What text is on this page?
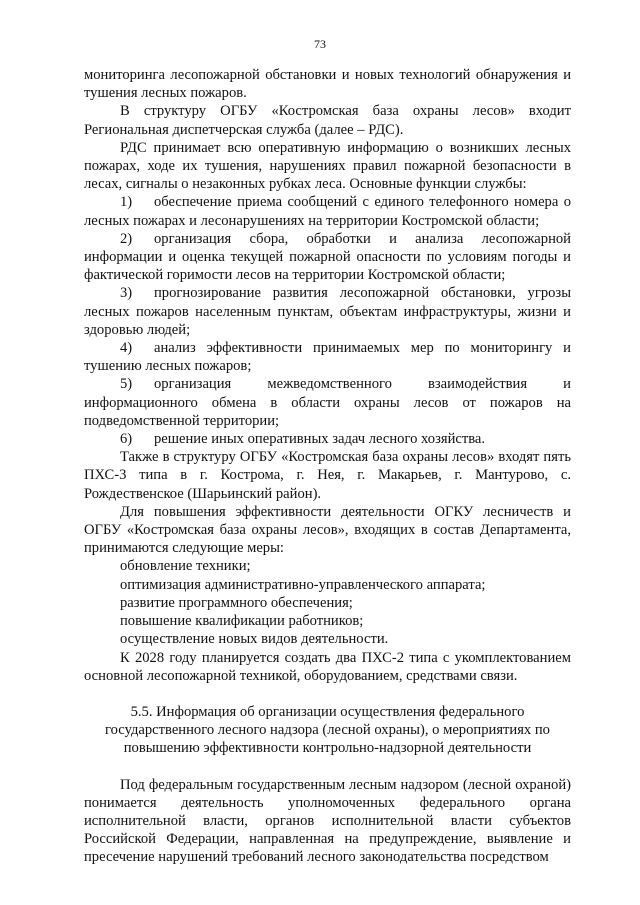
73

мониторинга лесопожарной обстановки и новых технологий обнаружения и тушения лесных пожаров.

В структуру ОГБУ «Костромская база охраны лесов» входит Региональная диспетчерская служба (далее – РДС).

РДС принимает всю оперативную информацию о возникших лесных пожарах, ходе их тушения, нарушениях правил пожарной безопасности в лесах, сигналы о незаконных рубках леса. Основные функции службы:

1) обеспечение приема сообщений с единого телефонного номера о лесных пожарах и лесонарушениях на территории Костромской области;

2) организация сбора, обработки и анализа лесопожарной информации и оценка текущей пожарной опасности по условиям погоды и фактической горимости лесов на территории Костромской области;

3) прогнозирование развития лесопожарной обстановки, угрозы лесных пожаров населенным пунктам, объектам инфраструктуры, жизни и здоровью людей;

4) анализ эффективности принимаемых мер по мониторингу и тушению лесных пожаров;

5) организация межведомственного взаимодействия и информационного обмена в области охраны лесов от пожаров на подведомственной территории;

6) решение иных оперативных задач лесного хозяйства.

Также в структуру ОГБУ «Костромская база охраны лесов» входят пять ПХС-3 типа в г. Кострома, г. Нея, г. Макарьев, г. Мантурово, с. Рождественское (Шарьинский район).

Для повышения эффективности деятельности ОГКУ лесничеств и ОГБУ «Костромская база охраны лесов», входящих в состав Департамента, принимаются следующие меры:

обновление техники;

оптимизация административно-управленческого аппарата;

развитие программного обеспечения;

повышение квалификации работников;

осуществление новых видов деятельности.

К 2028 году планируется создать два ПХС-2 типа с укомплектованием основной лесопожарной техникой, оборудованием, средствами связи.

5.5. Информация об организации осуществления федерального государственного лесного надзора (лесной охраны), о мероприятиях по повышению эффективности контрольно-надзорной деятельности

Под федеральным государственным лесным надзором (лесной охраной) понимается деятельность уполномоченных федерального органа исполнительной власти, органов исполнительной власти субъектов Российской Федерации, направленная на предупреждение, выявление и пресечение нарушений требований лесного законодательства посредством
